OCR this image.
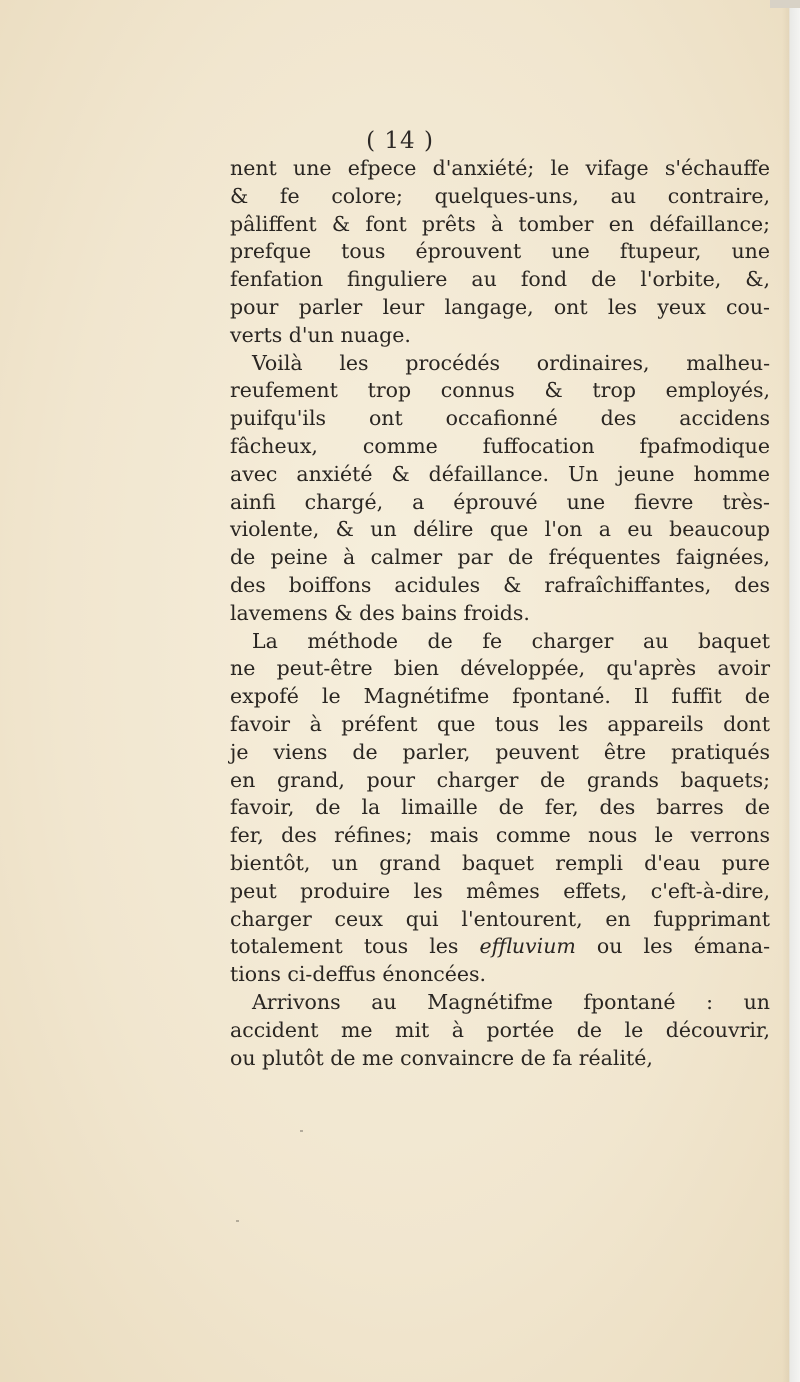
( 14 )
nent une efpece d'anxiété; le vifage s'échauffe
& fe colore; quelques-uns, au contraire,
pâliffent & font prêts à tomber en défaillance;
prefque tous éprouvent une ftupeur, une
fenfation finguliere au fond de l'orbite, &,
pour parler leur langage, ont les yeux cou-
verts d'un nuage.
Voilà les procédés ordinaires, malheu-
reufement trop connus & trop employés,
puifqu'ils ont occafionné des accidens
fâcheux, comme fuffocation fpafmodique
avec anxiété & défaillance. Un jeune homme
ainfi chargé, a éprouvé une fievre très-
violente, & un délire que l'on a eu beaucoup
de peine à calmer par de fréquentes faignées,
des boiffons acidules & rafraîchiffantes, des
lavemens & des bains froids.
La méthode de fe charger au baquet
ne peut-être bien développée, qu'après avoir
expofé le Magnétifme fpontané. Il fuffit de
favoir à préfent que tous les appareils dont
je viens de parler, peuvent être pratiqués
en grand, pour charger de grands baquets;
favoir, de la limaille de fer, des barres de
fer, des réfines; mais comme nous le verrons
bientôt, un grand baquet rempli d'eau pure
peut produire les mêmes effets, c'eft-à-dire,
charger ceux qui l'entourent, en fupprimant
totalement tous les effluvium ou les émana-
tions ci-deffus énoncées.
Arrivons au Magnétifme fpontané : un
accident me mit à portée de le découvrir,
ou plutôt de me convaincre de fa réalité,
